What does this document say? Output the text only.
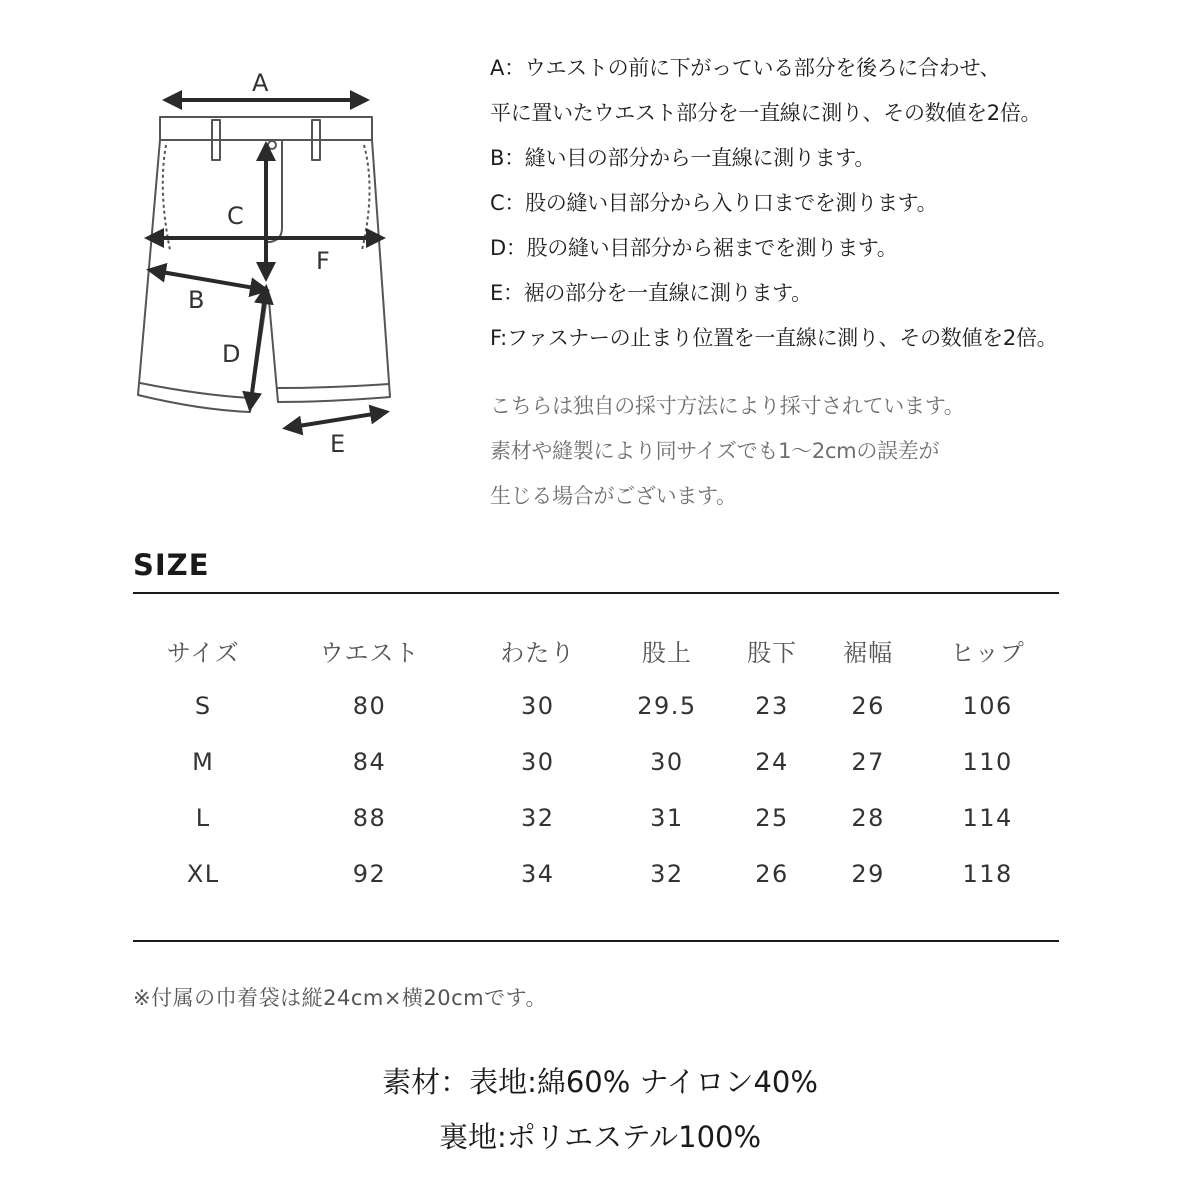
A
C
F
B
D
E
A：ウエストの前に下がっている部分を後ろに合わせ、
平に置いたウエスト部分を一直線に測り、その数値を2倍。
B：縫い目の部分から一直線に測ります。
C：股の縫い目部分から入り口までを測ります。
D：股の縫い目部分から裾までを測ります。
E：裾の部分を一直線に測ります。
F:ファスナーの止まり位置を一直線に測り、その数値を2倍。
こちらは独自の採寸方法により採寸されています。
素材や縫製により同サイズでも1～2cmの誤差が
生じる場合がございます。
SIZE
サイズ	ウエスト	わたり	股上	股下	裾幅	ヒップ
S	80	30	29.5	23	26	106
M	84	30	30	24	27	110
L	88	32	31	25	28	114
XL	92	34	32	26	29	118
※付属の巾着袋は縦24cm×横20cmです。
素材：表地:綿60% ナイロン40%
裏地:ポリエステル100%
